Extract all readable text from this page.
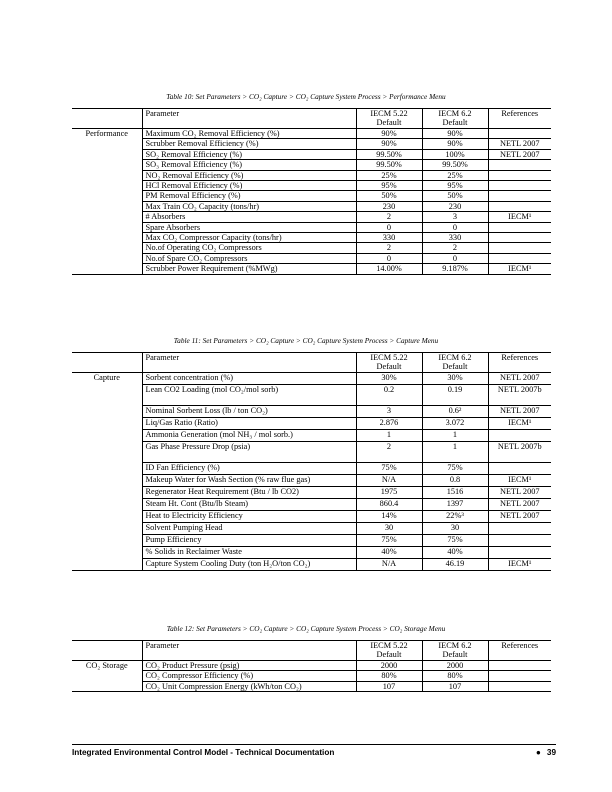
Table 10: Set Parameters > CO₂ Capture > CO₂ Capture System Process > Performance Menu
	Parameter	IECM 5.22 Default	IECM 6.2 Default	References
Performance	Maximum CO₂ Removal Efficiency (%)	90%	90%	
	Scrubber Removal Efficiency (%)	90%	90%	NETL 2007
	SO₂ Removal Efficiency (%)	99.50%	100%	NETL 2007
	SO₃ Removal Efficiency (%)	99.50%	99.50%	
	NO₂ Removal Efficiency (%)	25%	25%	
	HCl Removal Efficiency (%)	95%	95%	
	PM Removal Efficiency (%)	50%	50%	
	Max Train CO₂ Capacity (tons/hr)	230	230	
	# Absorbers	2	3	IECM¹
	Spare Absorbers	0	0	
	Max CO₂ Compressor Capacity (tons/hr)	330	330	
	No.of Operating CO₂ Compressors	2	2	
	No.of Spare CO₂ Compressors	0	0	
	Scrubber Power Requirement (%MWg)	14.00%	9.187%	IECM¹
Table 11: Set Parameters > CO₂ Capture > CO₂ Capture System Process > Capture Menu
	Parameter	IECM 5.22 Default	IECM 6.2 Default	References
Capture	Sorbent concentration (%)	30%	30%	NETL 2007
	Lean CO2 Loading (mol CO₂/mol sorb)	0.2	0.19	NETL 2007b
	Nominal Sorbent Loss (lb / ton CO₂)	3	0.6²	NETL 2007
	Liq/Gas Ratio (Ratio)	2.876	3.072	IECM¹
	Ammonia Generation (mol NH₃ / mol sorb.)	1	1	
	Gas Phase Pressure Drop (psia)	2	1	NETL 2007b
	ID Fan Efficiency (%)	75%	75%	
	Makeup Water for Wash Section (% raw flue gas)	N/A	0.8	IECM¹
	Regenerator Heat Requirement (Btu / lb CO2)	1975	1516	NETL 2007
	Steam Ht. Cont (Btu/lb Steam)	860.4	1397	NETL 2007
	Heat to Electricity Efficiency	14%	22%³	NETL 2007
	Solvent Pumping Head	30	30	
	Pump Efficiency	75%	75%	
	% Solids in Reclaimer Waste	40%	40%	
	Capture System Cooling Duty (ton H₂O/ton CO₂)	N/A	46.19	IECM¹
Table 12: Set Parameters > CO₂ Capture > CO₂ Capture System Process > CO₂ Storage Menu
	Parameter	IECM 5.22 Default	IECM 6.2 Default	References
CO₂ Storage	CO₂ Product Pressure (psig)	2000	2000	
	CO₂ Compressor Efficiency (%)	80%	80%	
	CO₂ Unit Compression Energy (kWh/ton CO₂)	107	107	
Integrated Environmental Control Model - Technical Documentation	● 39
